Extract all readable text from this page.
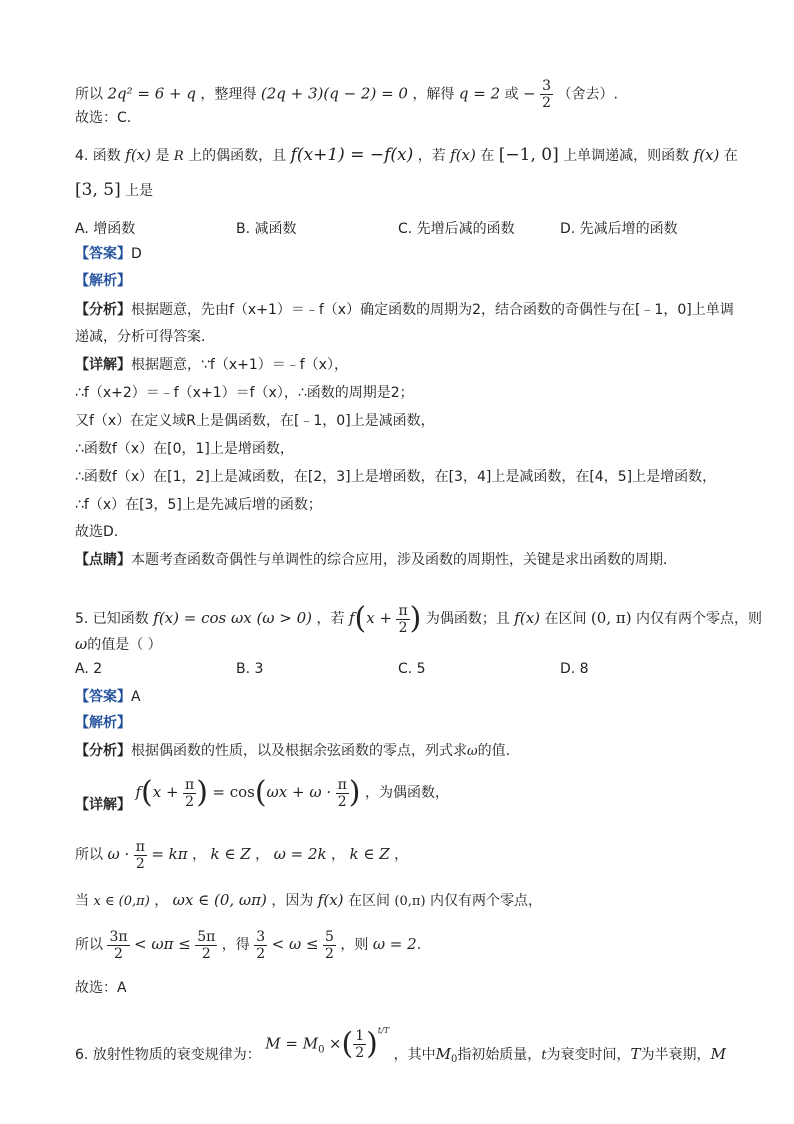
所以 2q² = 6 + q ，整理得 (2q + 3)(q − 2) = 0 ，解得 q = 2 或 − $\frac{3}{2}$ （舍去）.
故选：C.
4. 函数 f(x) 是 R 上的偶函数，且 f(x+1) = −f(x) ，若 f(x) 在 [−1, 0] 上单调递减，则函数 f(x) 在
[3, 5] 上是
A. 增函数	B. 减函数	C. 先增后减的函数	D. 先减后增的函数
【答案】D
【解析】
【分析】根据题意，先由f（x+1）＝﹣f（x）确定函数的周期为2，结合函数的奇偶性与在[﹣1，0]上单调
递减，分析可得答案．
【详解】根据题意，∵f（x+1）＝﹣f（x），
∴f（x+2）＝﹣f（x+1）＝f（x），∴函数的周期是2；
又f（x）在定义域R上是偶函数，在[﹣1，0]上是减函数，
∴函数f（x）在[0，1]上是增函数，
∴函数f（x）在[1，2]上是减函数，在[2，3]上是增函数，在[3，4]上是减函数，在[4，5]上是增函数，
∴f（x）在[3，5]上是先减后增的函数；
故选D.
【点睛】本题考查函数奇偶性与单调性的综合应用，涉及函数的周期性，关键是求出函数的周期．
5. 已知函数 f(x) = cos ωx (ω > 0) ，若 $f(x + \frac{\pi}{2}$ ) 为偶函数；且 f(x) 在区间 (0, π) 内仅有两个零点，则
ω的值是（ ）
A. 2	B. 3	C. 5	D. 8
【答案】A
【解析】
【分析】根据偶函数的性质，以及根据余弦函数的零点，列式求ω的值.
【详解】 $f(x + \frac{\pi}{2}$ ) = $\cos(\omega x + \omega \cdot \frac{\pi}{2}$ ) ，为偶函数，
所以 $\omega \cdot \frac{\pi}{2} = k\pi$ ， k ∈ Z ， ω = 2k ， k ∈ Z ，
当 x ∈ (0,π) ， ωx ∈ (0, ωπ) ，因为 f(x) 在区间 (0,π) 内仅有两个零点，
所以 $\frac{3\pi}{2} < \omega\pi \le \frac{5\pi}{2}$ ，得 $\frac{3}{2} < \omega \le \frac{5}{2}$ ，则 ω = 2.
故选：A
6. 放射性物质的衰变规律为： $M = M_0$ ×( $\frac{1}{2} )^{t/T}$ ，其中$M_0$指初始质量，t为衰变时间，T为半衰期，M
